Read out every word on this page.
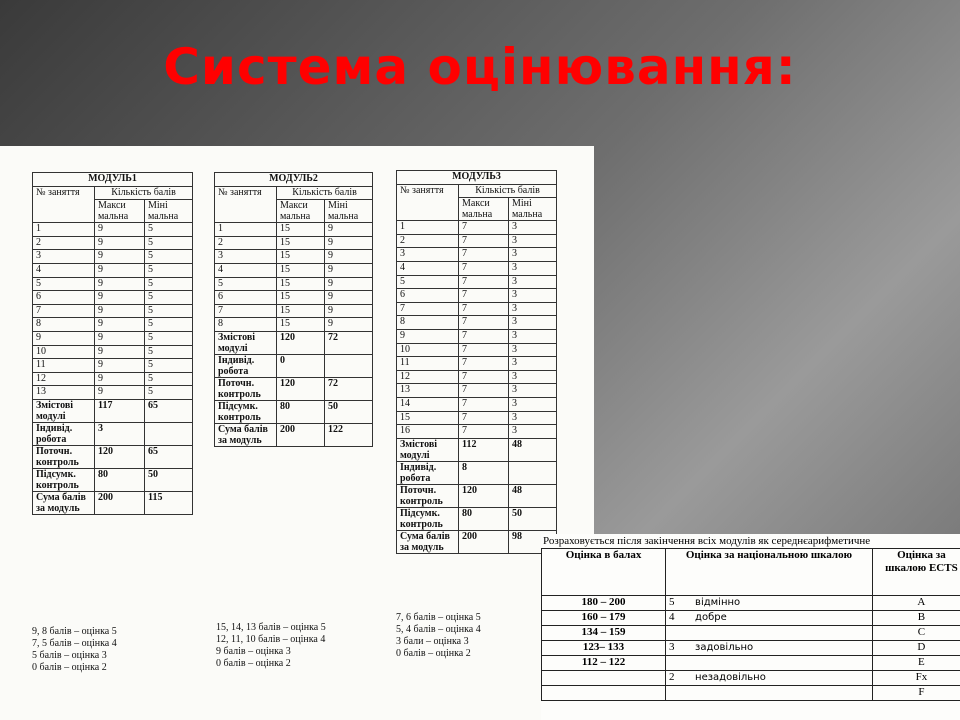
Система оцінювання:
МОДУЛЬ1		
№ заняття	Кількість балів	
	Макси мальна	Міні мальна
1	9	5
2	9	5
3	9	5
4	9	5
5	9	5
6	9	5
7	9	5
8	9	5
9	9	5
10	9	5
11	9	5
12	9	5
13	9	5
Змістові модулі	117	65
Індивід. робота	3	
Поточн. контроль	120	65
Підсумк. контроль	80	50
Сума балів за модуль	200	115
9, 8 балів – оцінка 5
7, 5 балів – оцінка 4
5 балів – оцінка 3
0 балів – оцінка 2
МОДУЛЬ2		
№ заняття	Кількість балів	
	Макси мальна	Міні мальна
1	15	9
2	15	9
3	15	9
4	15	9
5	15	9
6	15	9
7	15	9
8	15	9
Змістові модулі	120	72
Індивід. робота	0	
Поточн. контроль	120	72
Підсумк. контроль	80	50
Сума балів за модуль	200	122
15, 14, 13 балів – оцінка 5
12, 11, 10 балів – оцінка 4
9 балів – оцінка 3
0 балів – оцінка 2
МОДУЛЬ3		
№ заняття	Кількість балів	
	Макси мальна	Міні мальна
1	7	3
2	7	3
3	7	3
4	7	3
5	7	3
6	7	3
7	7	3
8	7	3
9	7	3
10	7	3
11	7	3
12	7	3
13	7	3
14	7	3
15	7	3
16	7	3
Змістові модулі	112	48
Індивід. робота	8	
Поточн. контроль	120	48
Підсумк. контроль	80	50
Сума балів за модуль	200	98
7, 6 балів – оцінка 5
5, 4 балів – оцінка 4
3 бали – оцінка 3
0 балів – оцінка 2
Розраховується після закінчення всіх модулів як середнєарифметичне
Оцінка в балах	Оцінка за національною шкалою	Оцінка за шкалою ECTS
180 – 200	5 відмінно	A
160 – 179	4 добре	B
134 – 159		C
123– 133	3 задовільно	D
112 – 122		E
	2 незадовільно	Fx
		F
